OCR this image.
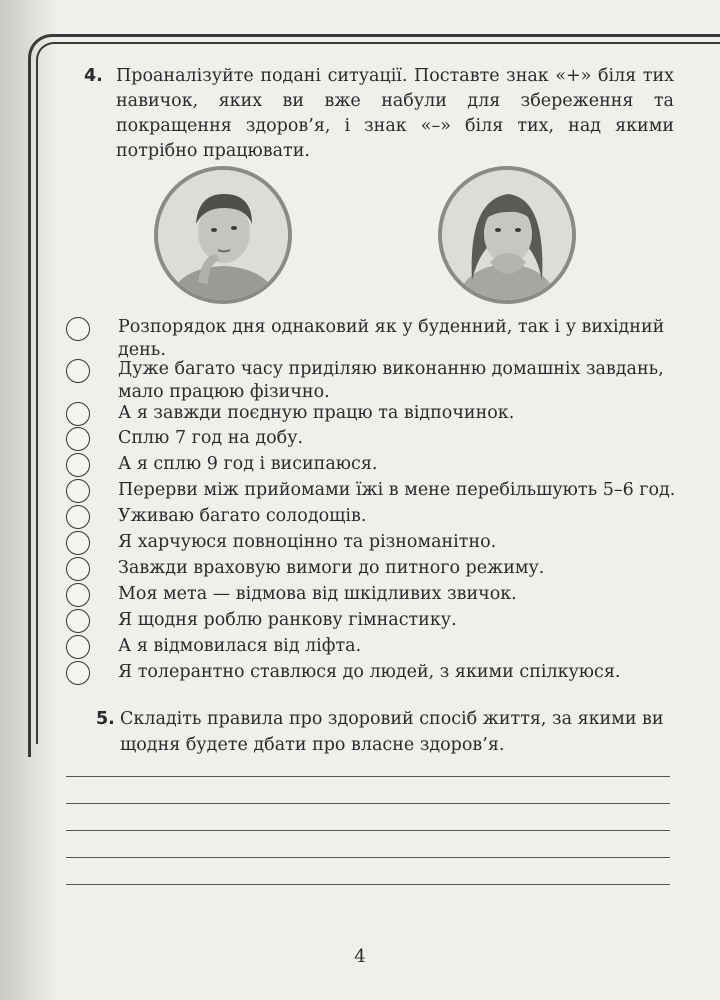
4. Проаналізуйте подані ситуації. Поставте знак «+» біля тих навичок, яких ви вже набули для збереження та покращення здоров’я, і знак «–» біля тих, над якими потрібно працювати.
Розпорядок дня однаковий як у буденний, так і у вихідний день.
Дуже багато часу приділяю виконанню домашніх завдань, мало працюю фізично.
А я завжди поєдную працю та відпочинок.
Сплю 7 год на добу.
А я сплю 9 год і висипаюся.
Перерви між прийомами їжі в мене перебільшують 5–6 год.
Уживаю багато солодощів.
Я харчуюся повноцінно та різноманітно.
Завжди враховую вимоги до питного режиму.
Моя мета — відмова від шкідливих звичок.
Я щодня роблю ранкову гімнастику.
А я відмовилася від ліфта.
Я толерантно ставлюся до людей, з якими спілкуюся.
5. Складіть правила про здоровий спосіб життя, за якими ви щодня будете дбати про власне здоров’я.
4
